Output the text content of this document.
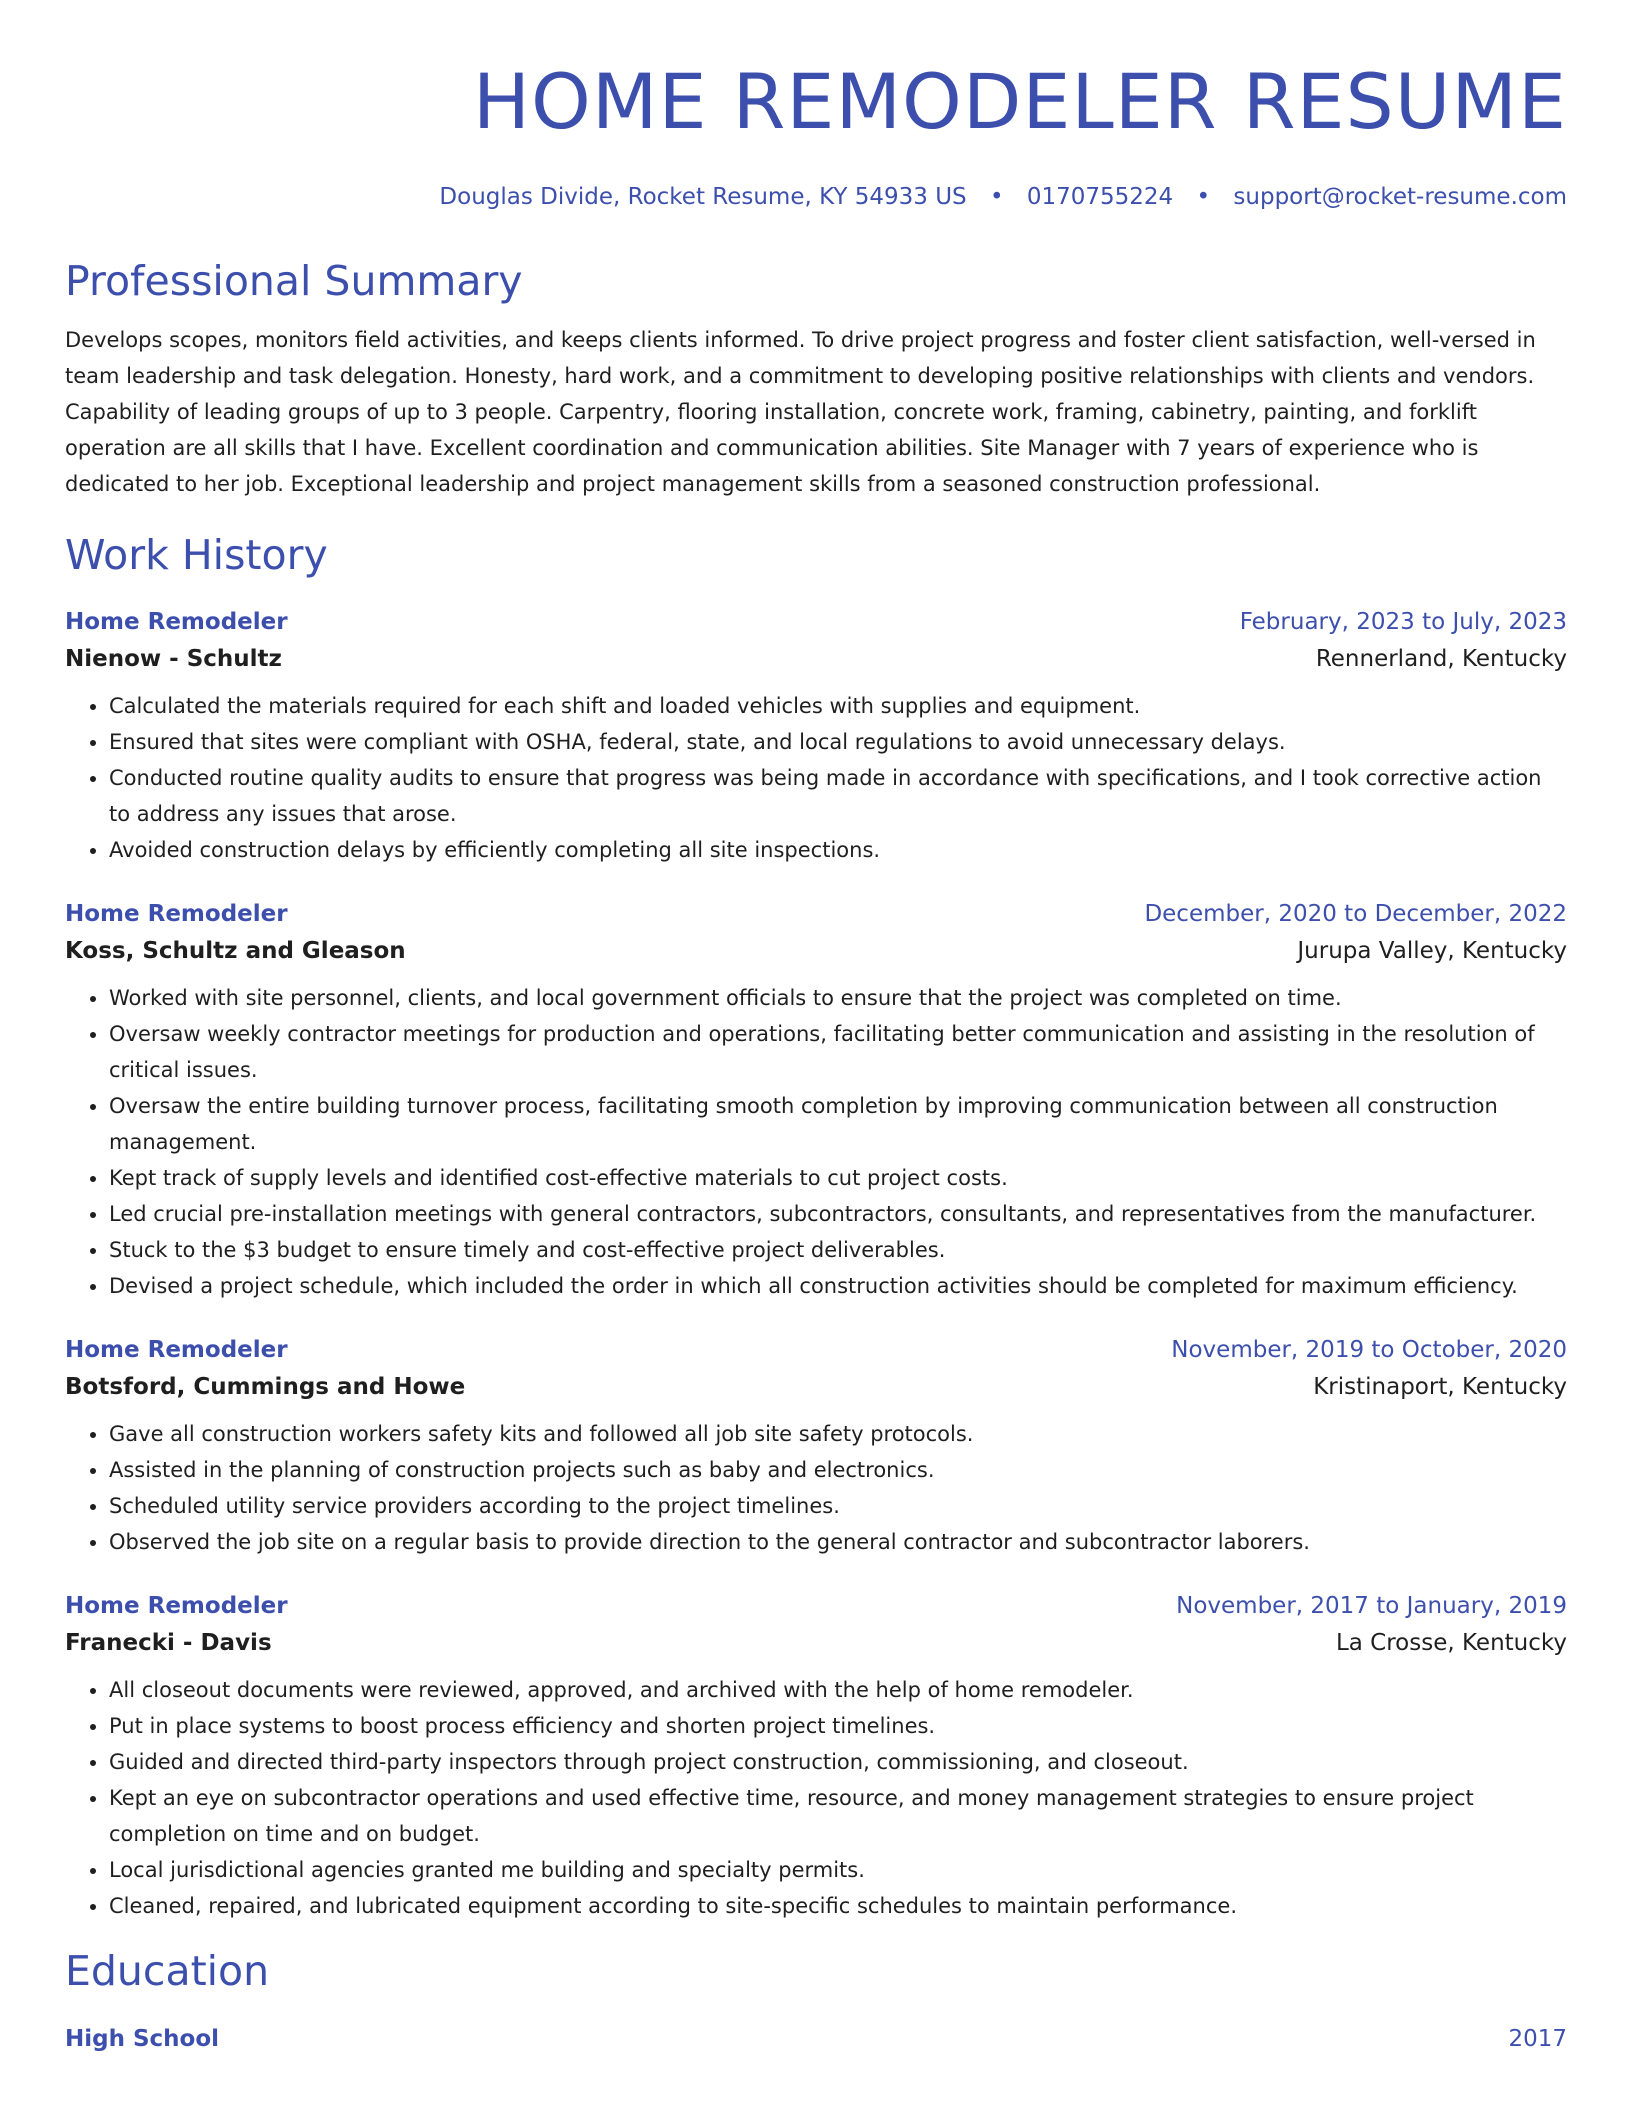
HOME REMODELER RESUME
Douglas Divide, Rocket Resume, KY 54933 US • 0170755224 • support@rocket-resume.com
Professional Summary
Develops scopes, monitors field activities, and keeps clients informed. To drive project progress and foster client satisfaction, well-versed in team leadership and task delegation. Honesty, hard work, and a commitment to developing positive relationships with clients and vendors. Capability of leading groups of up to 3 people. Carpentry, flooring installation, concrete work, framing, cabinetry, painting, and forklift operation are all skills that I have. Excellent coordination and communication abilities. Site Manager with 7 years of experience who is dedicated to her job. Exceptional leadership and project management skills from a seasoned construction professional.
Work History
Home Remodeler	February, 2023 to July, 2023
Nienow - Schultz	Rennerland, Kentucky
• Calculated the materials required for each shift and loaded vehicles with supplies and equipment.
• Ensured that sites were compliant with OSHA, federal, state, and local regulations to avoid unnecessary delays.
• Conducted routine quality audits to ensure that progress was being made in accordance with specifications, and I took corrective action to address any issues that arose.
• Avoided construction delays by efficiently completing all site inspections.
Home Remodeler	December, 2020 to December, 2022
Koss, Schultz and Gleason	Jurupa Valley, Kentucky
• Worked with site personnel, clients, and local government officials to ensure that the project was completed on time.
• Oversaw weekly contractor meetings for production and operations, facilitating better communication and assisting in the resolution of critical issues.
• Oversaw the entire building turnover process, facilitating smooth completion by improving communication between all construction management.
• Kept track of supply levels and identified cost-effective materials to cut project costs.
• Led crucial pre-installation meetings with general contractors, subcontractors, consultants, and representatives from the manufacturer.
• Stuck to the $3 budget to ensure timely and cost-effective project deliverables.
• Devised a project schedule, which included the order in which all construction activities should be completed for maximum efficiency.
Home Remodeler	November, 2019 to October, 2020
Botsford, Cummings and Howe	Kristinaport, Kentucky
• Gave all construction workers safety kits and followed all job site safety protocols.
• Assisted in the planning of construction projects such as baby and electronics.
• Scheduled utility service providers according to the project timelines.
• Observed the job site on a regular basis to provide direction to the general contractor and subcontractor laborers.
Home Remodeler	November, 2017 to January, 2019
Franecki - Davis	La Crosse, Kentucky
• All closeout documents were reviewed, approved, and archived with the help of home remodeler.
• Put in place systems to boost process efficiency and shorten project timelines.
• Guided and directed third-party inspectors through project construction, commissioning, and closeout.
• Kept an eye on subcontractor operations and used effective time, resource, and money management strategies to ensure project completion on time and on budget.
• Local jurisdictional agencies granted me building and specialty permits.
• Cleaned, repaired, and lubricated equipment according to site-specific schedules to maintain performance.
Education
High School	2017
